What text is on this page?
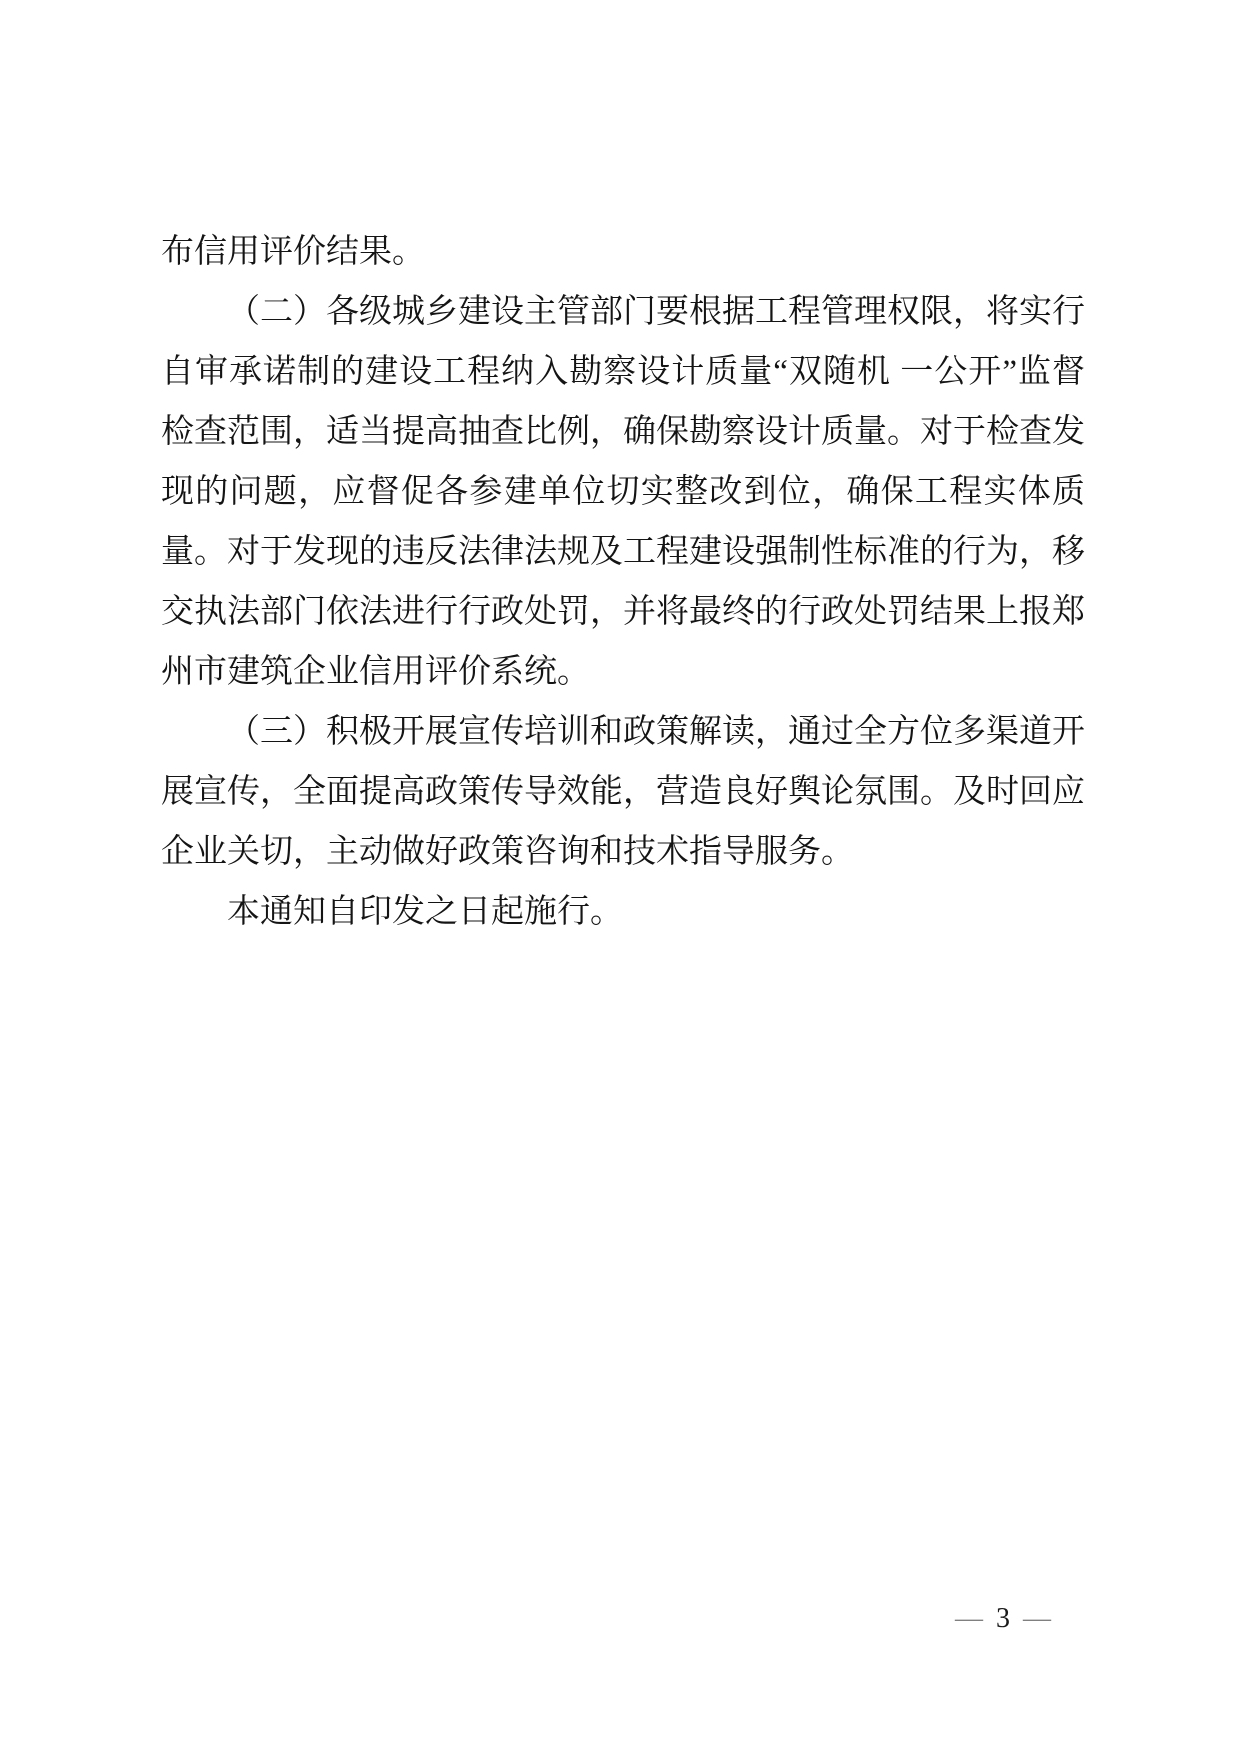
布信用评价结果。

（二）各级城乡建设主管部门要根据工程管理权限，将实行自审承诺制的建设工程纳入勘察设计质量“双随机 一公开”监督检查范围，适当提高抽查比例，确保勘察设计质量。对于检查发现的问题，应督促各参建单位切实整改到位，确保工程实体质量。对于发现的违反法律法规及工程建设强制性标准的行为，移交执法部门依法进行行政处罚，并将最终的行政处罚结果上报郑州市建筑企业信用评价系统。

（三）积极开展宣传培训和政策解读，通过全方位多渠道开展宣传，全面提高政策传导效能，营造良好舆论氛围。及时回应企业关切，主动做好政策咨询和技术指导服务。

本通知自印发之日起施行。

— 3 —
